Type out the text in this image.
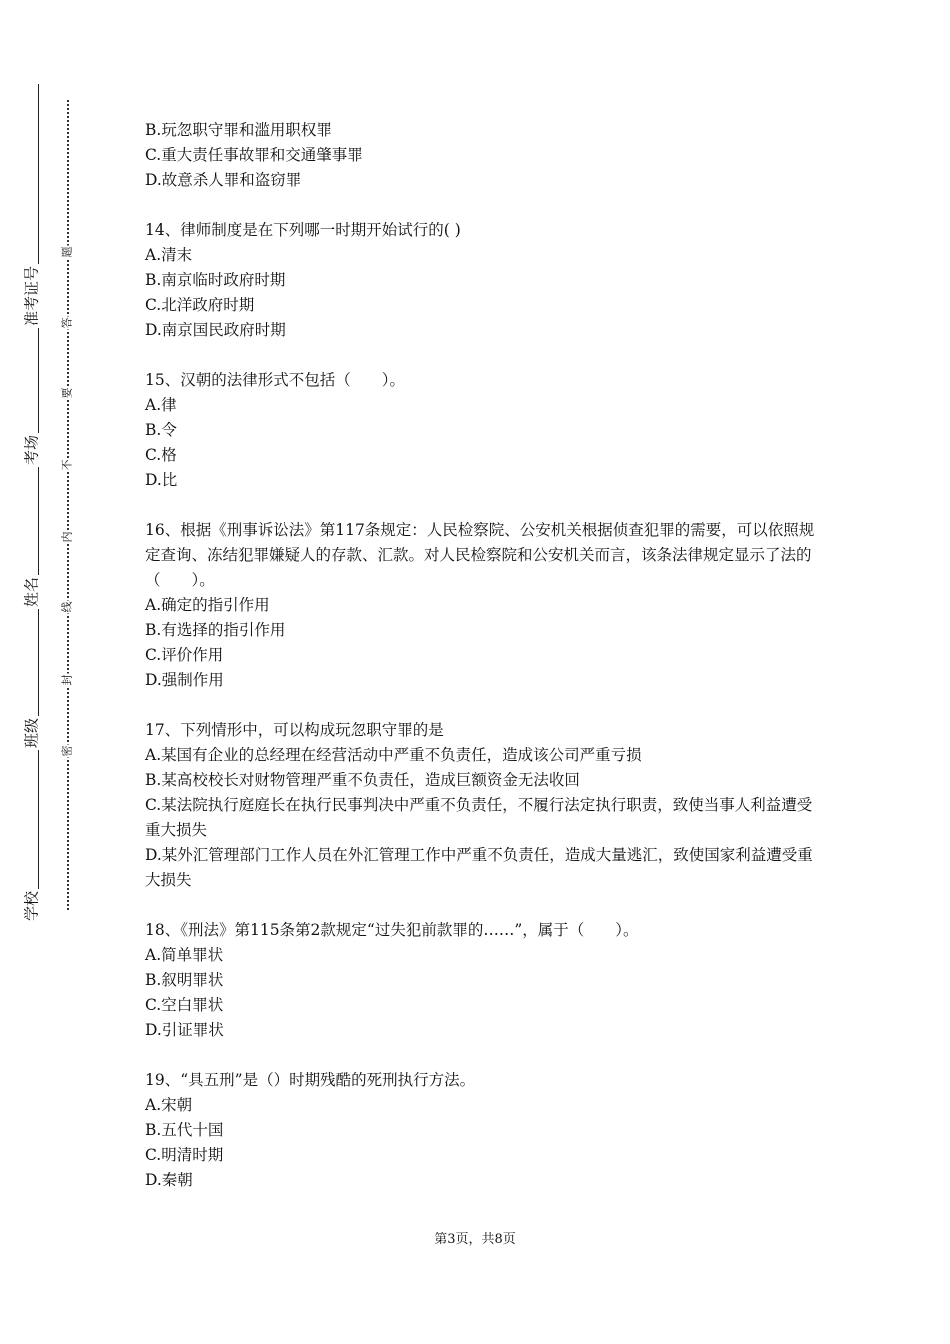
准考证号
考场
姓名
班级
学校
题
答
要
不
内
线
封
密
B.玩忽职守罪和滥用职权罪
C.重大责任事故罪和交通肇事罪
D.故意杀人罪和盗窃罪
14、律师制度是在下列哪一时期开始试行的( )
A.清末
B.南京临时政府时期
C.北洋政府时期
D.南京国民政府时期
15、汉朝的法律形式不包括（　　）。
A.律
B.令
C.格
D.比
16、根据《刑事诉讼法》第117条规定：人民检察院、公安机关根据侦查犯罪的需要，可以依照规定查询、冻结犯罪嫌疑人的存款、汇款。对人民检察院和公安机关而言，该条法律规定显示了法的（　　）。
A.确定的指引作用
B.有选择的指引作用
C.评价作用
D.强制作用
17、下列情形中，可以构成玩忽职守罪的是
A.某国有企业的总经理在经营活动中严重不负责任，造成该公司严重亏损
B.某高校校长对财物管理严重不负责任，造成巨额资金无法收回
C.某法院执行庭庭长在执行民事判决中严重不负责任，不履行法定执行职责，致使当事人利益遭受重大损失
D.某外汇管理部门工作人员在外汇管理工作中严重不负责任，造成大量逃汇，致使国家利益遭受重大损失
18、《刑法》第115条第2款规定“过失犯前款罪的……”，属于（　　）。
A.简单罪状
B.叙明罪状
C.空白罪状
D.引证罪状
19、“具五刑”是（）时期残酷的死刑执行方法。
A.宋朝
B.五代十国
C.明清时期
D.秦朝
第3页，共8页
